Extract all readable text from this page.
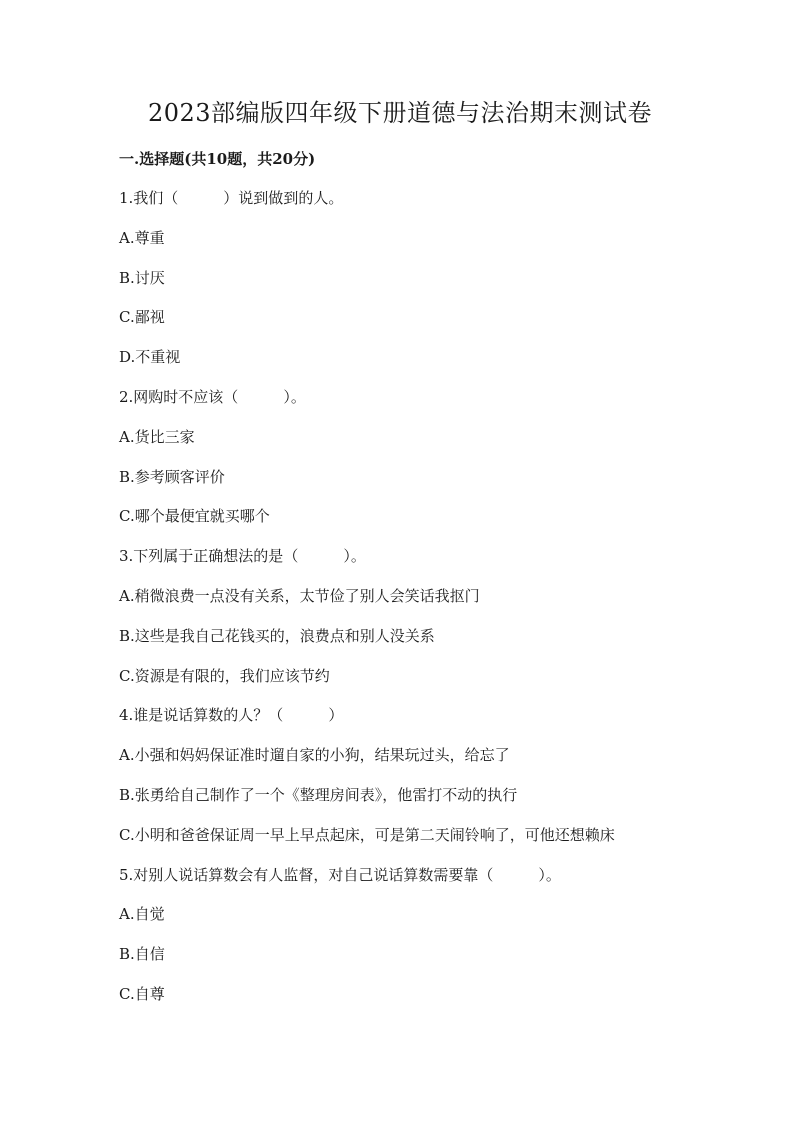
2023部编版四年级下册道德与法治期末测试卷
一.选择题(共10题，共20分)
1.我们（　　　）说到做到的人。
A.尊重
B.讨厌
C.鄙视
D.不重视
2.网购时不应该（　　　）。
A.货比三家
B.参考顾客评价
C.哪个最便宜就买哪个
3.下列属于正确想法的是（　　　）。
A.稍微浪费一点没有关系，太节俭了别人会笑话我抠门
B.这些是我自己花钱买的，浪费点和别人没关系
C.资源是有限的，我们应该节约
4.谁是说话算数的人？（　　　）
A.小强和妈妈保证准时遛自家的小狗，结果玩过头，给忘了
B.张勇给自己制作了一个《整理房间表》，他雷打不动的执行
C.小明和爸爸保证周一早上早点起床，可是第二天闹铃响了，可他还想赖床
5.对别人说话算数会有人监督，对自己说话算数需要靠（　　　）。
A.自觉
B.自信
C.自尊
